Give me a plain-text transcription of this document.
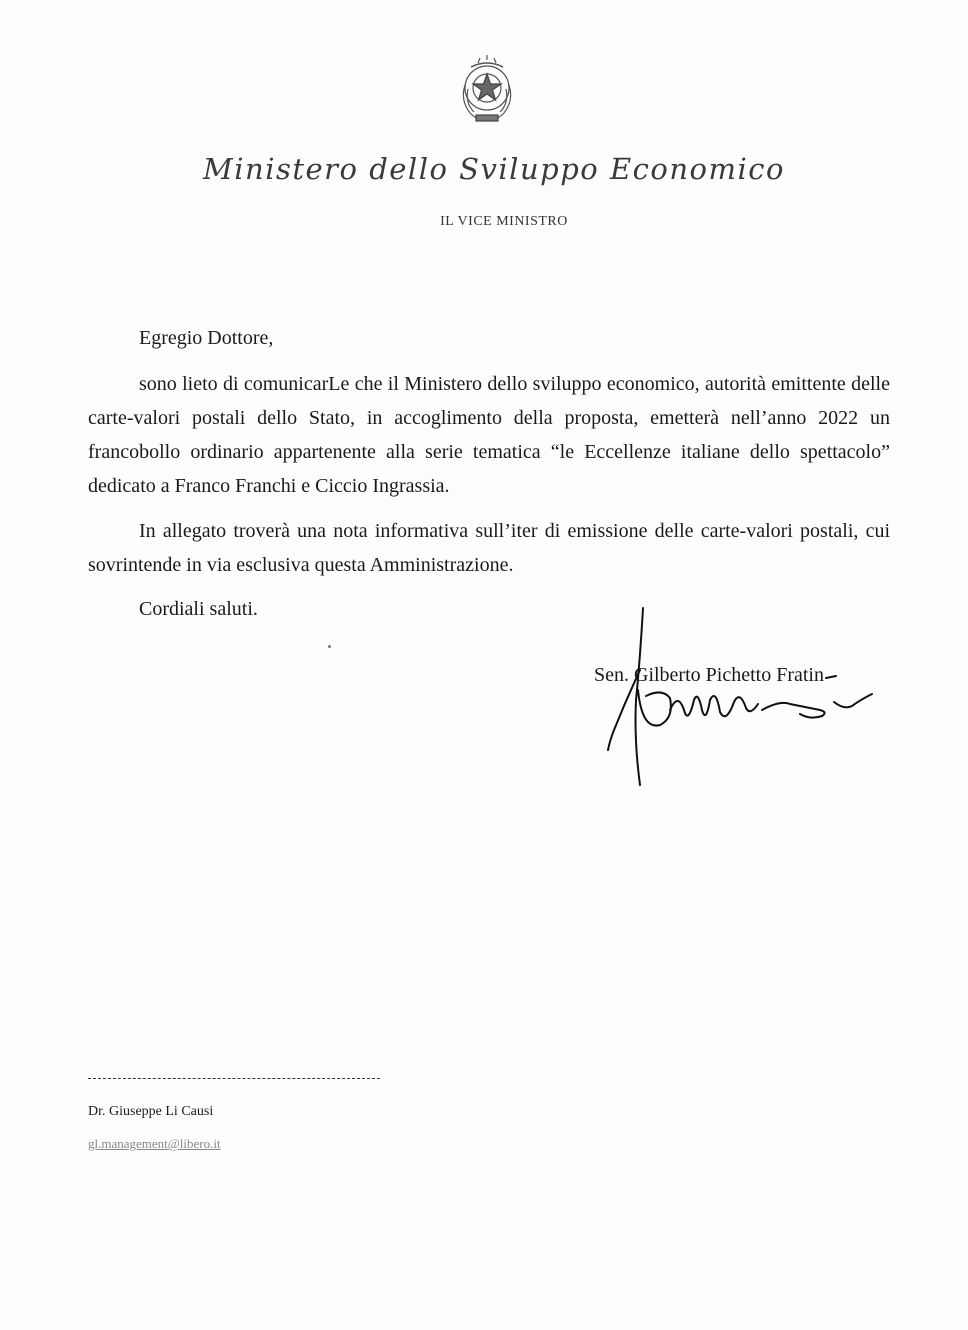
Ministero dello Sviluppo Economico
IL VICE MINISTRO
Egregio Dottore,
sono lieto di comunicarLe che il Ministero dello sviluppo economico, autorità emittente delle carte-valori postali dello Stato, in accoglimento della proposta, emetterà nell’anno 2022 un francobollo ordinario appartenente alla serie tematica “le Eccellenze italiane dello spettacolo” dedicato a Franco Franchi e Ciccio Ingrassia.
In allegato troverà una nota informativa sull’iter di emissione delle carte-valori postali, cui sovrintende in via esclusiva questa Amministrazione.
Cordiali saluti.
Sen. Gilberto Pichetto Fratin
Dr. Giuseppe Li Causi
gl.management@libero.it
